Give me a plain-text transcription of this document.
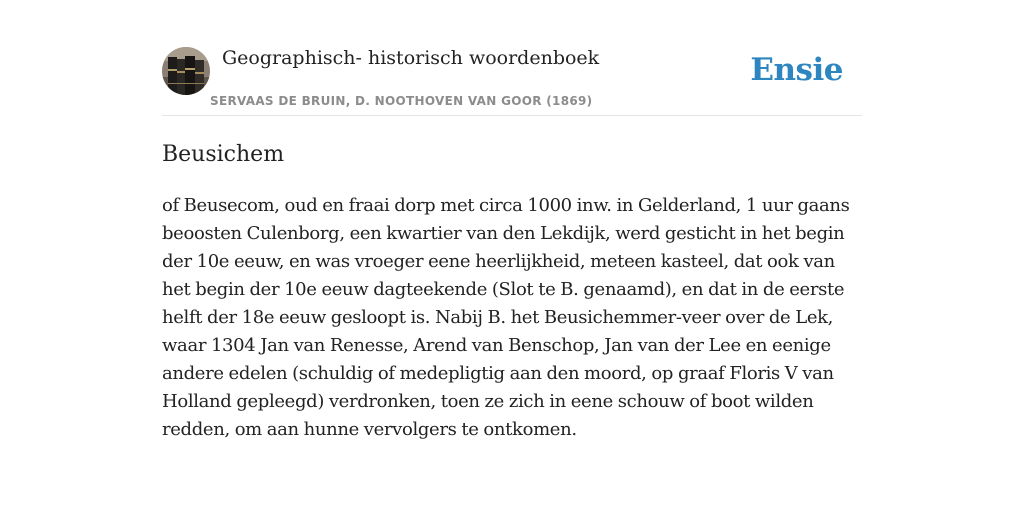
Geographisch- historisch woordenboek
SERVAAS DE BRUIN, D. NOOTHOVEN VAN GOOR (1869)
Ensie
Beusichem

of Beusecom, oud en fraai dorp met circa 1000 inw. in Gelderland, 1 uur gaans beoosten Culenborg, een kwartier van den Lekdijk, werd gesticht in het begin der 10e eeuw, en was vroeger eene heerlijkheid, meteen kasteel, dat ook van het begin der 10e eeuw dagteekende (Slot te B. genaamd), en dat in de eerste helft der 18e eeuw gesloopt is. Nabij B. het Beusichemmer-veer over de Lek, waar 1304 Jan van Renesse, Arend van Benschop, Jan van der Lee en eenige andere edelen (schuldig of medepligtig aan den moord, op graaf Floris V van Holland gepleegd) verdronken, toen ze zich in eene schouw of boot wilden redden, om aan hunne vervolgers te ontkomen.
